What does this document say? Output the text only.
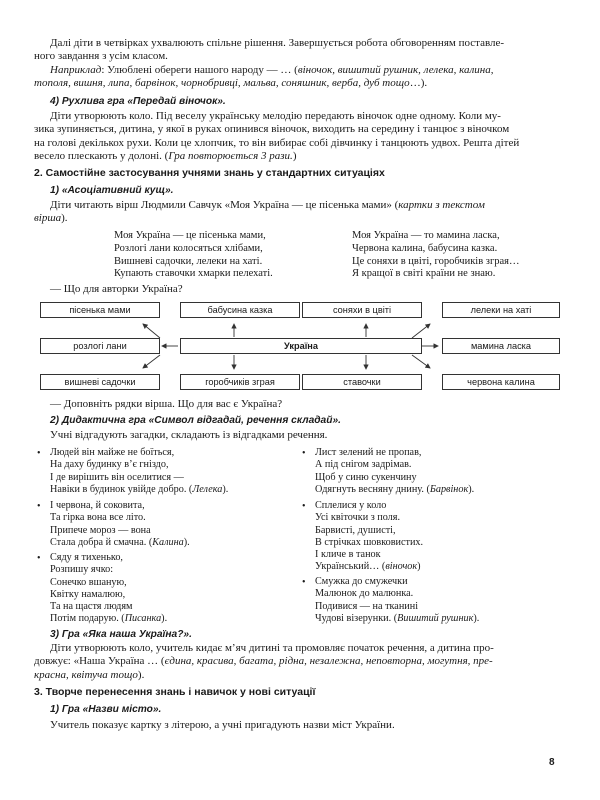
Далі діти в четвірках ухвалюють спільне рішення. Завершується робота обговоренням поставле-

ного завдання з усім класом.

Наприклад: Улюблені обереги нашого народу — … (віночок, вишитий рушник, лелека, калина,

тополя, вишня, липа, барвінок, чорнобривці, мальва, соняшник, верба, дуб тощо…).

4) Рухлива гра «Передай віночок».

Діти утворюють коло. Під веселу українську мелодію передають віночок одне одному. Коли му-

зика зупиняється, дитина, у якої в руках опинився віночок, виходить на середину і танцює з віночком

на голові декількох рухи. Коли це хлопчик, то він вибирає собі дівчинку і танцюють удвох. Решта дітей

весело плескають у долоні. (Гра повторюється 3 рази.)

2. Самостійне застосування учнями знань у стандартних ситуаціях
1) «Асоціативний кущ».

Діти читають вірш Людмили Савчук «Моя Україна — це пісенька мами» (картки з текстом

вірша).

Моя Україна — це пісенька мами,
Розлогі лани колосяться хлібами,
Вишневі садочки, лелеки на хаті.
Купають ставочки хмарки пелехаті.
Моя Україна — то мамина ласка,
Червона калина, бабусина казка.
Це соняхи в цвіті, горобчиків зграя…
Я кращої в світі країни не знаю.

— Що для авторки Україна?

пісенька мами	бабусина казка	соняхи в цвіті	лелеки на хаті
розлогі лани	Україна	мамина ласка
вишневі садочки	горобчиків зграя	ставочки	червона калина

— Доповніть рядки вірша. Що для вас є Україна?

2) Дидактична гра «Символ відгадай, речення складай».

Учні відгадують загадки, складають із відгадками речення.

• Людей він майже не боїться,
На даху будинку в’є гніздо,
І де вирішить він оселитися —
Навіки в будинок увійде добро. (Лелека).
• І червона, й соковита,
Та гірка вона все літо.
Припече мороз — вона
Стала добра й смачна. (Калина).
• Сяду я тихенько,
Розпишу ячко:
Сонечко вшаную,
Квітку намалюю,
Та на щастя людям
Потім подарую. (Писанка).
• Лист зелений не пропав,
А під снігом задрімав.
Щоб у синю сукенчину
Одягнуть весняну днину. (Барвінок).
• Сплелися у коло
Усі квіточки з поля.
Барвисті, душисті,
В стрічках шовковистих.
І кличе в танок
Український… (віночок)
• Смужка до смужечки
Малюнок до малюнка.
Подивися — на тканині
Чудові візерунки. (Вишитий рушник).
3) Гра «Яка наша Україна?».

Діти утворюють коло, учитель кидає м’яч дитині та промовляє початок речення, а дитина про-

довжує: «Наша Україна … (єдина, красива, багата, рідна, незалежна, неповторна, могутня, пре-

красна, квітуча тощо).

3. Творче перенесення знань і навичок у нові ситуації
1) Гра «Назви місто».

Учитель показує картку з літерою, а учні пригадують назви міст України.

8
